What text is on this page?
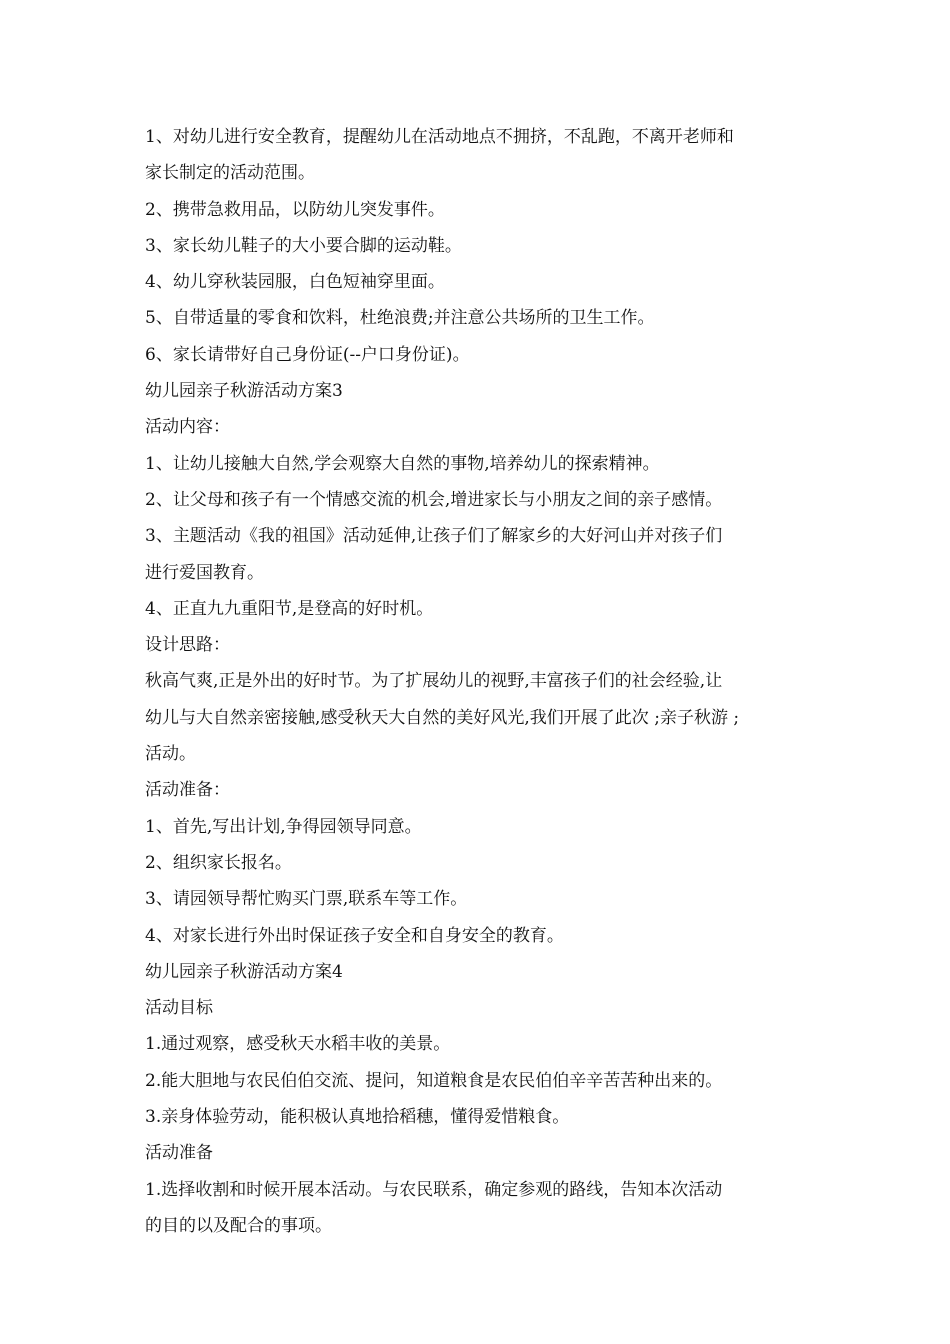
1、对幼儿进行安全教育，提醒幼儿在活动地点不拥挤，不乱跑，不离开老师和
家长制定的活动范围。
2、携带急救用品，以防幼儿突发事件。
3、家长幼儿鞋子的大小要合脚的运动鞋。
4、幼儿穿秋装园服，白色短袖穿里面。
5、自带适量的零食和饮料，杜绝浪费;并注意公共场所的卫生工作。
6、家长请带好自己身份证(--户口身份证)。
幼儿园亲子秋游活动方案3
活动内容：
1、让幼儿接触大自然,学会观察大自然的事物,培养幼儿的探索精神。
2、让父母和孩子有一个情感交流的机会,增进家长与小朋友之间的亲子感情。
3、主题活动《我的祖国》活动延伸,让孩子们了解家乡的大好河山并对孩子们
进行爱国教育。
4、正直九九重阳节,是登高的好时机。
设计思路：
秋高气爽,正是外出的好时节。为了扩展幼儿的视野,丰富孩子们的社会经验,让
幼儿与大自然亲密接触,感受秋天大自然的美好风光,我们开展了此次 ;亲子秋游 ;
活动。
活动准备：
1、首先,写出计划,争得园领导同意。
2、组织家长报名。
3、请园领导帮忙购买门票,联系车等工作。
4、对家长进行外出时保证孩子安全和自身安全的教育。
幼儿园亲子秋游活动方案4
活动目标
1.通过观察，感受秋天水稻丰收的美景。
2.能大胆地与农民伯伯交流、提问，知道粮食是农民伯伯辛辛苦苦种出来的。
3.亲身体验劳动，能积极认真地拾稻穗，懂得爱惜粮食。
活动准备
1.选择收割和时候开展本活动。与农民联系，确定参观的路线，告知本次活动
的目的以及配合的事项。
